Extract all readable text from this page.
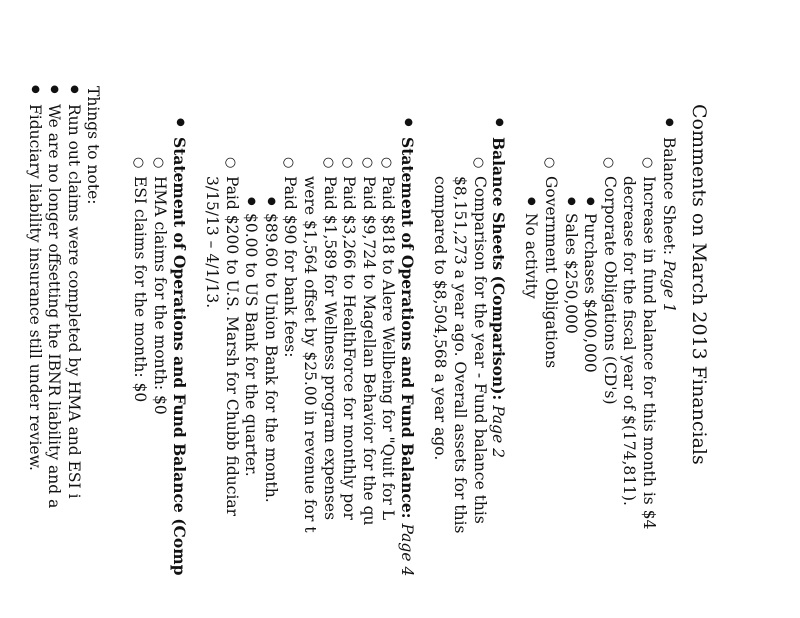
Comments on March 2013 Financials
●
Balance Sheet: Page 1
○
Increase in fund balance for this month is $4
decrease for the fiscal year of $(174,811).
○
Corporate Obligations (CD's)
●
Purchases $400,000
●
Sales $250,000
○
Government Obligations
●
No activity
●
Balance Sheets (Comparison): Page 2
○
Comparison for the year - Fund balance this
$8,151,273 a year ago. Overall assets for this
compared to $8,504,568 a year ago.
●
Statement of Operations and Fund Balance: Page 4
○
Paid $818 to Alere Wellbeing for "Quit for L
○
Paid $9,724 to Magellan Behavior for the qu
○
Paid $3,266 to HealthForce for monthly por
○
Paid $1,589 for Wellness program expenses
were $1,564 offset by $25.00 in revenue for t
○
Paid $90 for bank fees:
●
$89.60 to Union Bank for the month.
●
$0.00 to US Bank for the quarter.
○
Paid $200 to U.S. Marsh for Chubb fiduciar
3/15/13 – 4/1/13.
●
Statement of Operations and Fund Balance (Comp
○
HMA claims for the month: $0
○
ESI claims for the month: $0
Things to note:
●
Run out claims were completed by HMA and ESI i
●
We are no longer offsetting the IBNR liability and a
●
Fiduciary liability insurance still under review.
